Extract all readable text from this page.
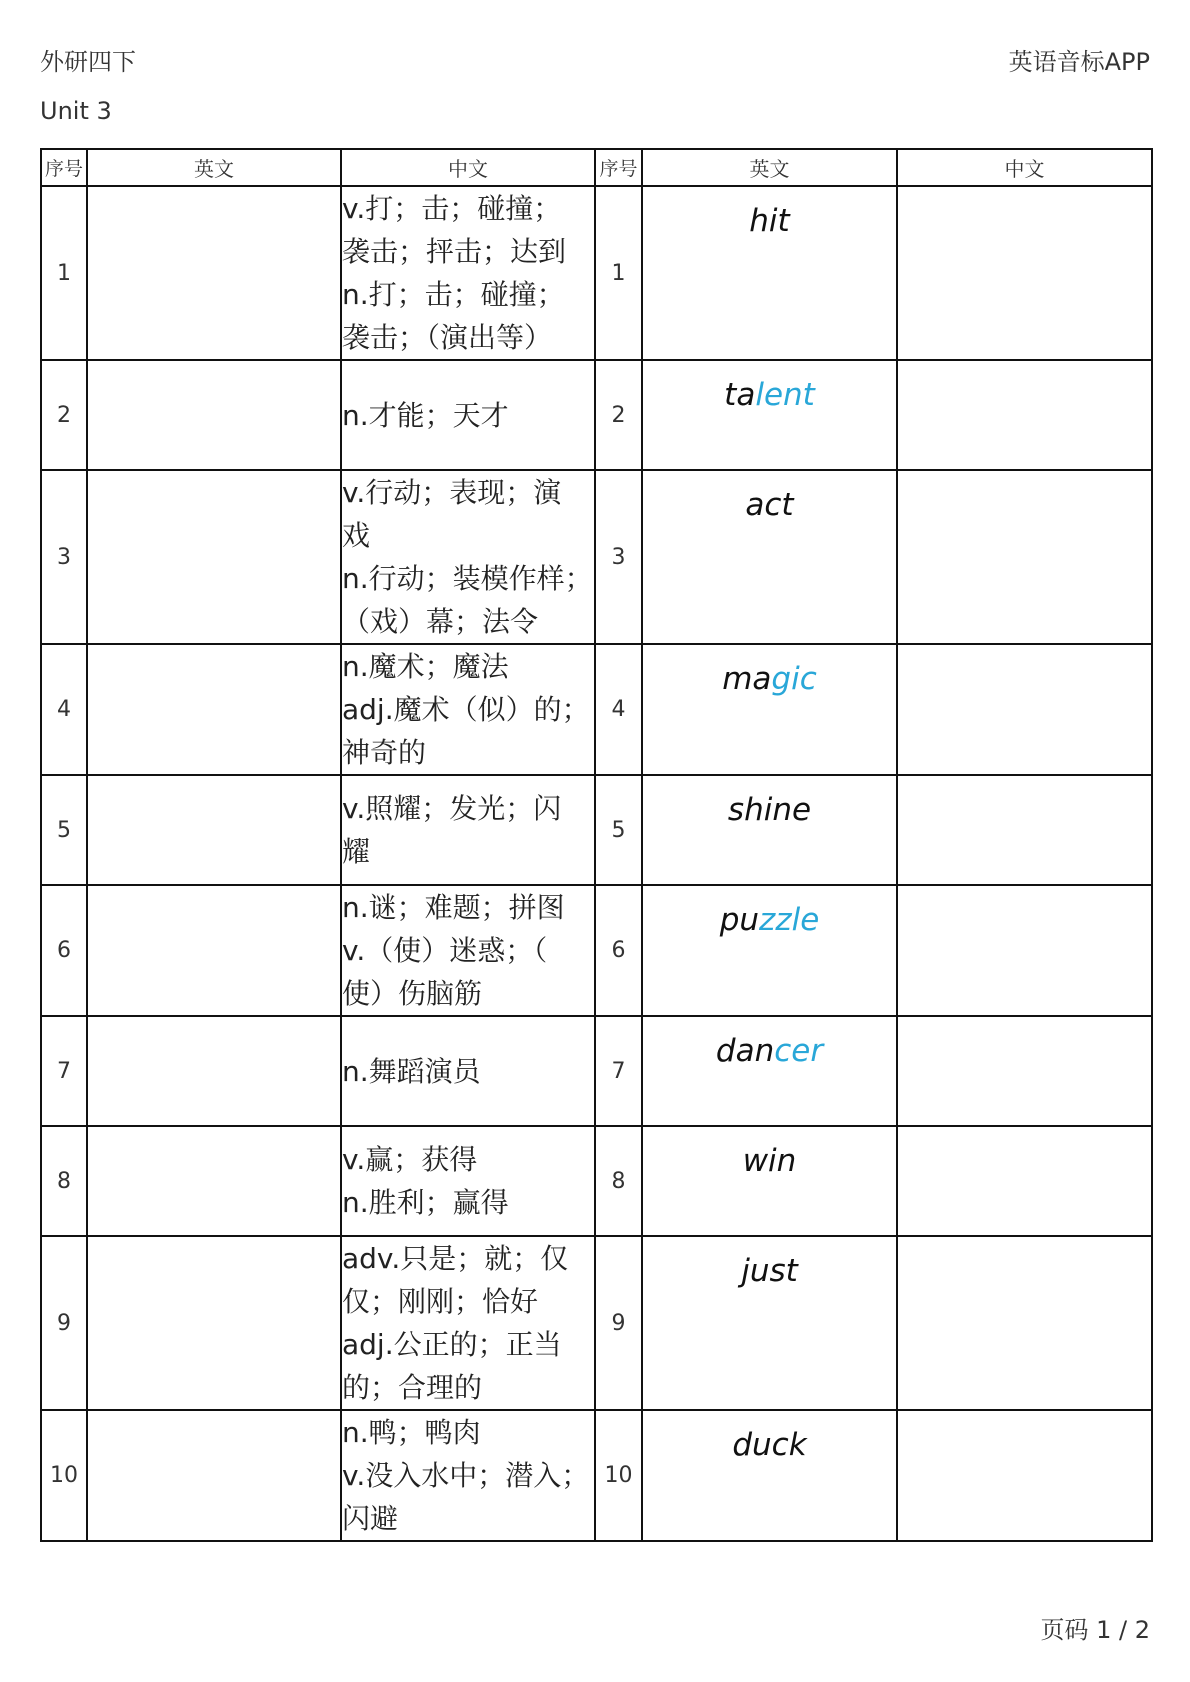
外研四下	英语音标APP
Unit 3
序号	英文	中文	序号	英文	中文
1		v.打；击；碰撞；
袭击；抨击；达到
n.打；击；碰撞；
袭击；（演出等）	1	hit	

2		n.才能；天才	2	talent	

3		v.行动；表现；演
戏
n.行动；装模作样；
（戏）幕；法令	3	act	

4		n.魔术；魔法
adj.魔术（似）的；
神奇的	4	magic	

5		v.照耀；发光；闪
耀	5	shine	

6		n.谜；难题；拼图
v.（使）迷惑；（
使）伤脑筋	6	puzzle	

7		n.舞蹈演员	7	dancer	

8		v.赢；获得
n.胜利；赢得	8	win	

9		adv.只是；就；仅
仅；刚刚；恰好
adj.公正的；正当
的；合理的	9	just	

10		n.鸭；鸭肉
v.没入水中；潜入；
闪避	10	duck	

页码 1 / 2
